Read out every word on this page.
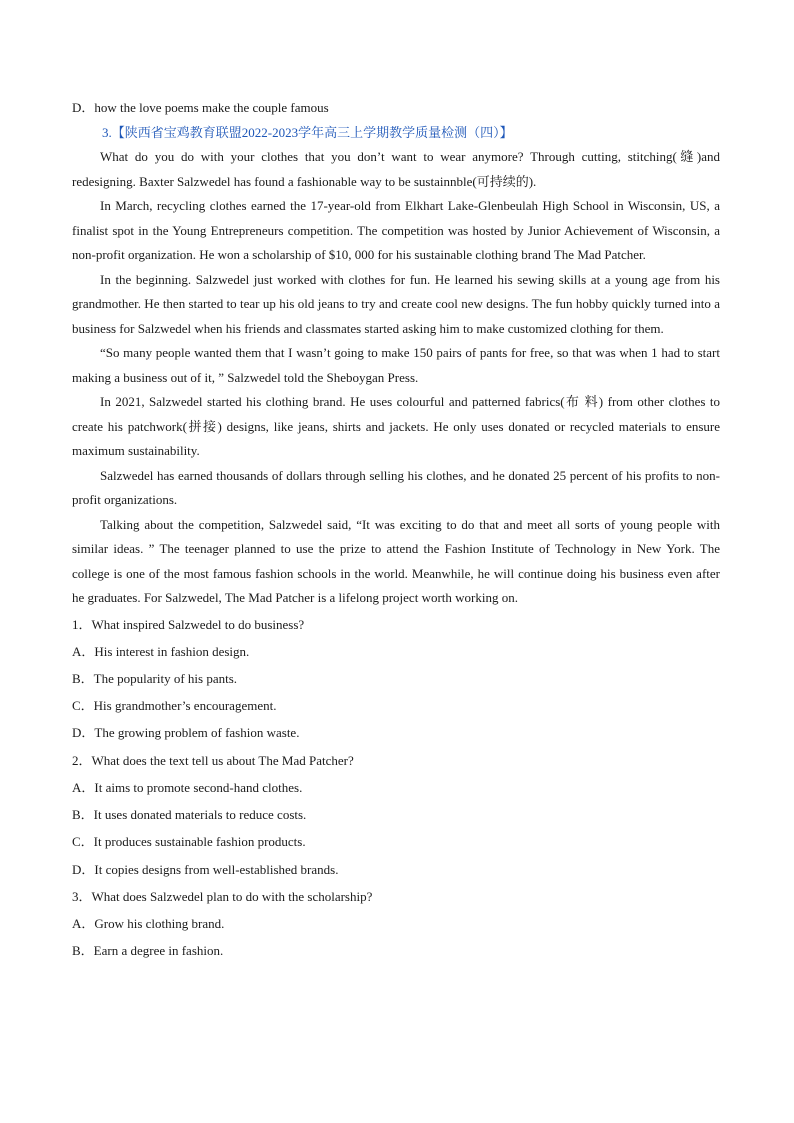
D．how the love poems make the couple famous

3.【陕西省宝鸡教育联盟2022-2023学年高三上学期教学质量检测（四）】

What do you do with your clothes that you don’t want to wear anymore? Through cutting, stitching(缝)and redesigning. Baxter Salzwedel has found a fashionable way to be sustainnble(可持续的).

In March, recycling clothes earned the 17-year-old from Elkhart Lake-Glenbeulah High School in Wisconsin, US, a finalist spot in the Young Entrepreneurs competition. The competition was hosted by Junior Achievement of Wisconsin, a non-profit organization. He won a scholarship of $10, 000 for his sustainable clothing brand The Mad Patcher.

In the beginning. Salzwedel just worked with clothes for fun. He learned his sewing skills at a young age from his grandmother. He then started to tear up his old jeans to try and create cool new designs. The fun hobby quickly turned into a business for Salzwedel when his friends and classmates started asking him to make customized clothing for them.

“So many people wanted them that I wasn’t going to make 150 pairs of pants for free, so that was when 1 had to start making a business out of it, ” Salzwedel told the Sheboygan Press.

In 2021, Salzwedel started his clothing brand. He uses colourful and patterned fabrics(布 料) from other clothes to create his patchwork(拼接) designs, like jeans, shirts and jackets. He only uses donated or recycled materials to ensure maximum sustainability.

Salzwedel has earned thousands of dollars through selling his clothes, and he donated 25 percent of his profits to non-profit organizations.

Talking about the competition, Salzwedel said, “It was exciting to do that and meet all sorts of young people with similar ideas. ” The teenager planned to use the prize to attend the Fashion Institute of Technology in New York. The college is one of the most famous fashion schools in the world. Meanwhile, he will continue doing his business even after he graduates. For Salzwedel, The Mad Patcher is a lifelong project worth working on.

1．What inspired Salzwedel to do business?

A．His interest in fashion design.

B．The popularity of his pants.

C．His grandmother’s encouragement.

D．The growing problem of fashion waste.

2．What does the text tell us about The Mad Patcher?

A．It aims to promote second-hand clothes.

B．It uses donated materials to reduce costs.

C．It produces sustainable fashion products.

D．It copies designs from well-established brands.

3．What does Salzwedel plan to do with the scholarship?

A．Grow his clothing brand.

B．Earn a degree in fashion.
